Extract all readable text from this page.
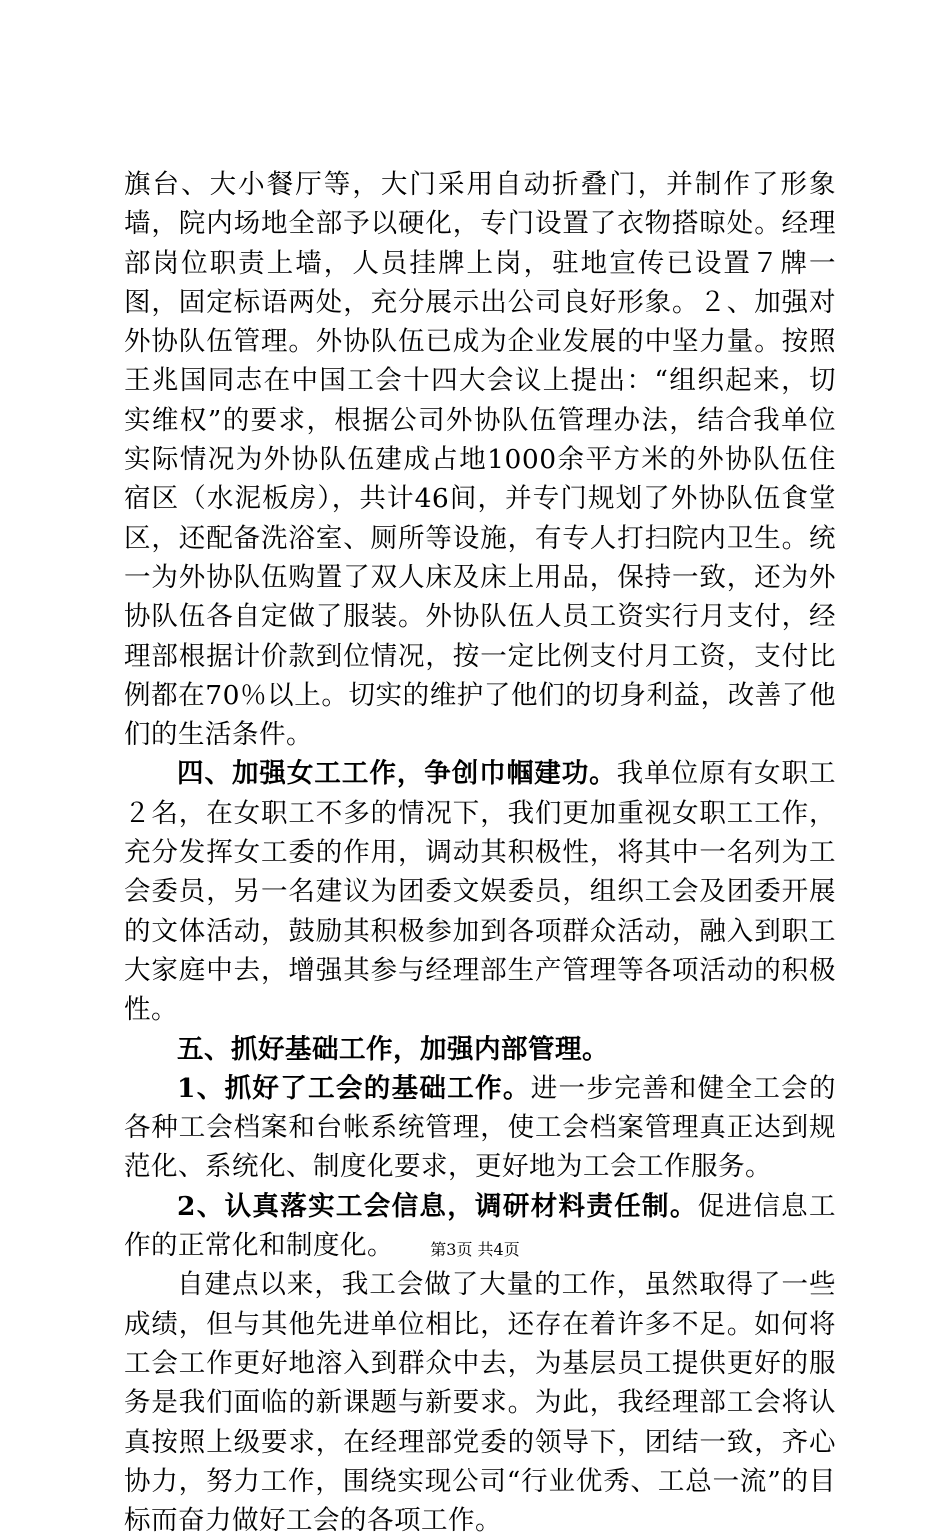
旗台、大小餐厅等，大门采用自动折叠门，并制作了形象墙，院内场地全部予以硬化，专门设置了衣物搭晾处。经理部岗位职责上墙，人员挂牌上岗，驻地宣传已设置７牌一图，固定标语两处，充分展示出公司良好形象。２、加强对外协队伍管理。外协队伍已成为企业发展的中坚力量。按照王兆国同志在中国工会十四大会议上提出：“组织起来，切实维权”的要求，根据公司外协队伍管理办法，结合我单位实际情况为外协队伍建成占地1000余平方米的外协队伍住宿区（水泥板房），共计46间，并专门规划了外协队伍食堂区，还配备洗浴室、厕所等设施，有专人打扫院内卫生。统一为外协队伍购置了双人床及床上用品，保持一致，还为外协队伍各自定做了服装。外协队伍人员工资实行月支付，经理部根据计价款到位情况，按一定比例支付月工资，支付比例都在70％以上。切实的维护了他们的切身利益，改善了他们的生活条件。

四、加强女工工作，争创巾帼建功。我单位原有女职工２名，在女职工不多的情况下，我们更加重视女职工工作，充分发挥女工委的作用，调动其积极性，将其中一名列为工会委员，另一名建议为团委文娱委员，组织工会及团委开展的文体活动，鼓励其积极参加到各项群众活动，融入到职工大家庭中去，增强其参与经理部生产管理等各项活动的积极性。

五、抓好基础工作，加强内部管理。

1、抓好了工会的基础工作。进一步完善和健全工会的各种工会档案和台帐系统管理，使工会档案管理真正达到规范化、系统化、制度化要求，更好地为工会工作服务。

2、认真落实工会信息，调研材料责任制。促进信息工作的正常化和制度化。

自建点以来，我工会做了大量的工作，虽然取得了一些成绩，但与其他先进单位相比，还存在着许多不足。如何将工会工作更好地溶入到群众中去，为基层员工提供更好的服务是我们面临的新课题与新要求。为此，我经理部工会将认真按照上级要求，在经理部党委的领导下，团结一致，齐心协力，努力工作，围绕实现公司“行业优秀、工总一流”的目标而奋力做好工会的各项工作。

第3页 共4页
